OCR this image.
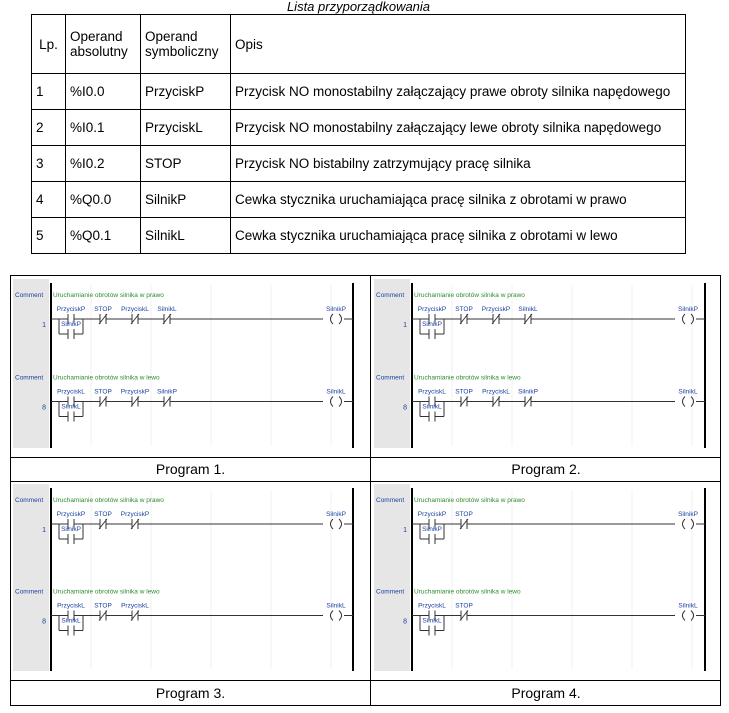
Lista przyporządkowania
Lp.	Operand absolutny	Operand symboliczny	Opis
1	%I0.0	PrzyciskP	Przycisk NO monostabilny załączający prawe obroty silnika napędowego
2	%I0.1	PrzyciskL	Przycisk NO monostabilny załączający lewe obroty silnika napędowego
3	%I0.2	STOP	Przycisk NO bistabilny zatrzymujący pracę silnika
4	%Q0.0	SilnikP	Cewka stycznika uruchamiająca pracę silnika z obrotami w prawo
5	%Q0.1	SilnikL	Cewka stycznika uruchamiająca pracę silnika z obrotami w lewo
Comment Uruchamianie obrotów silnika w prawo
1
PrzyciskP STOP PrzyciskL SilnikL
SilnikP
SilnikP
Comment Uruchamianie obrotów silnika w lewo
8
PrzyciskL STOP PrzyciskP SilnikP
SilnikL
SilnikL
Comment Uruchamianie obrotów silnika w prawo
1
PrzyciskP STOP PrzyciskP SilnikL
SilnikP
SilnikP
Comment Uruchamianie obrotów silnika w lewo
8
PrzyciskL STOP PrzyciskL SilnikP
SilnikL
SilnikL
Comment Uruchamianie obrotów silnika w prawo
1
PrzyciskP STOP PrzyciskP
SilnikP
SilnikP
Comment Uruchamianie obrotów silnika w lewo
8
PrzyciskL STOP PrzyciskL
SilnikL
SilnikL
Comment Uruchamianie obrotów silnika w prawo
1
PrzyciskP STOP
SilnikP
SilnikP
Comment Uruchamianie obrotów silnika w lewo
8
PrzyciskL STOP
SilnikL
SilnikL
Program 1.	Program 2.
Program 3.	Program 4.
